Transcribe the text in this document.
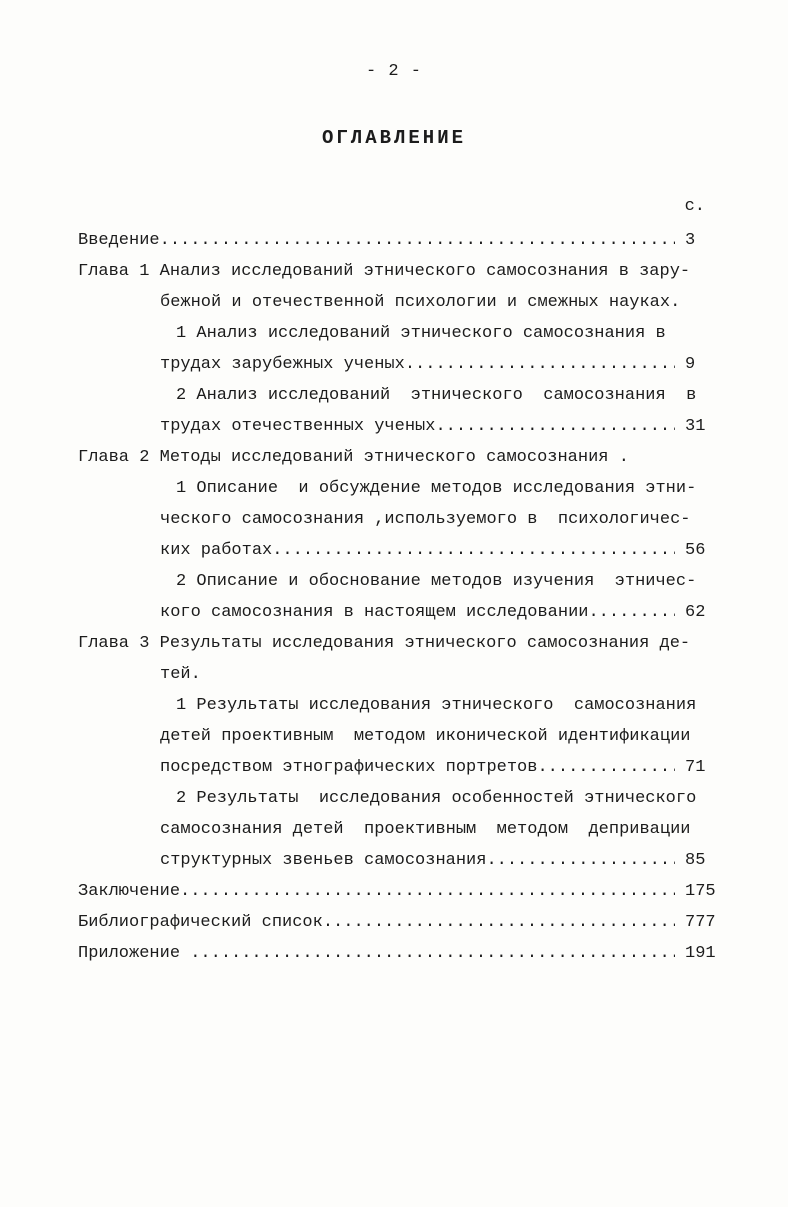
- 2 -
ОГЛАВЛЕНИЕ
с.
Введение .....	3
Глава 1 Анализ исследований этнического самосознания в зару-
бежной и отечественной психологии и смежных науках.
1 Анализ исследований этнического самосознания в
трудах зарубежных ученых .....	9
2 Анализ исследований  этнического  самосознания  в
трудах отечественных ученых .....	31
Глава 2 Методы исследований этнического самосознания .
1 Описание  и обсуждение методов исследования этни-
ческого самосознания ,используемого в  психологичес-
ких работах .....	56
2 Описание и обоснование методов изучения  этничес-
кого самосознания в настоящем исследовании .....	62
Глава 3 Результаты исследования этнического самосознания де-
тей.
1 Результаты исследования этнического  самосознания
детей проективным  методом иконической идентификации
посредством этнографических портретов .....	71
2 Результаты  исследования особенностей этнического
самосознания детей  проективным  методом  депривации
структурных звеньев самосознания .....	85
Заключение .....	175
Библиографический список .....	777
Приложение .....	191
